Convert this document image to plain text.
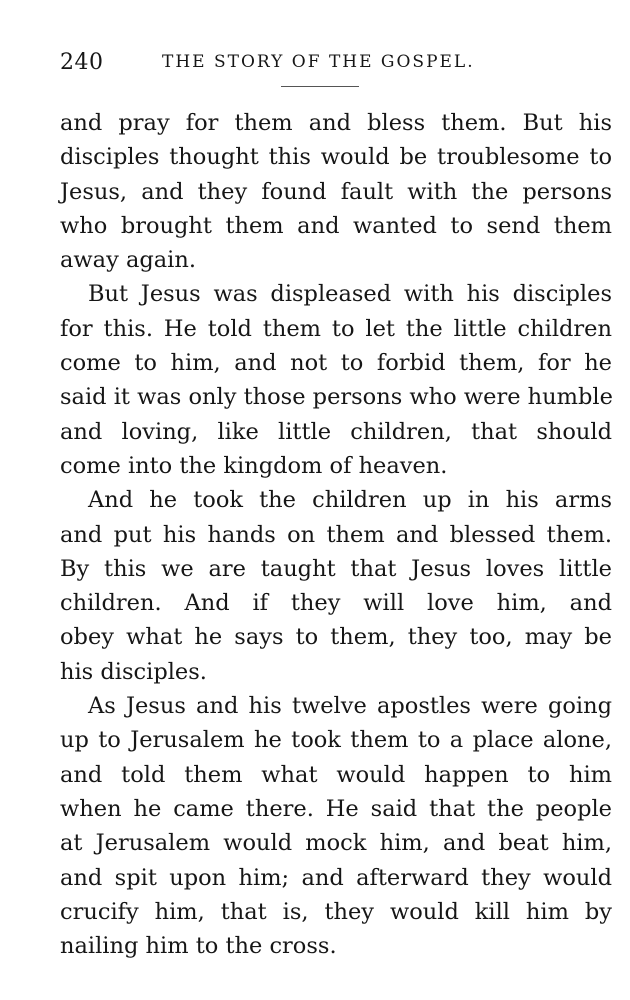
240	THE STORY OF THE GOSPEL.
and pray for them and bless them. But his
disciples thought this would be troublesome to
Jesus, and they found fault with the persons
who brought them and wanted to send them
away again.
But Jesus was displeased with his disciples
for this. He told them to let the little children
come to him, and not to forbid them, for he
said it was only those persons who were humble
and loving, like little children, that should
come into the kingdom of heaven.
And he took the children up in his arms
and put his hands on them and blessed them.
By this we are taught that Jesus loves little
children. And if they will love him, and
obey what he says to them, they too, may be
his disciples.
As Jesus and his twelve apostles were going
up to Jerusalem he took them to a place alone,
and told them what would happen to him
when he came there. He said that the people
at Jerusalem would mock him, and beat him,
and spit upon him; and afterward they would
crucify him, that is, they would kill him by
nailing him to the cross.
